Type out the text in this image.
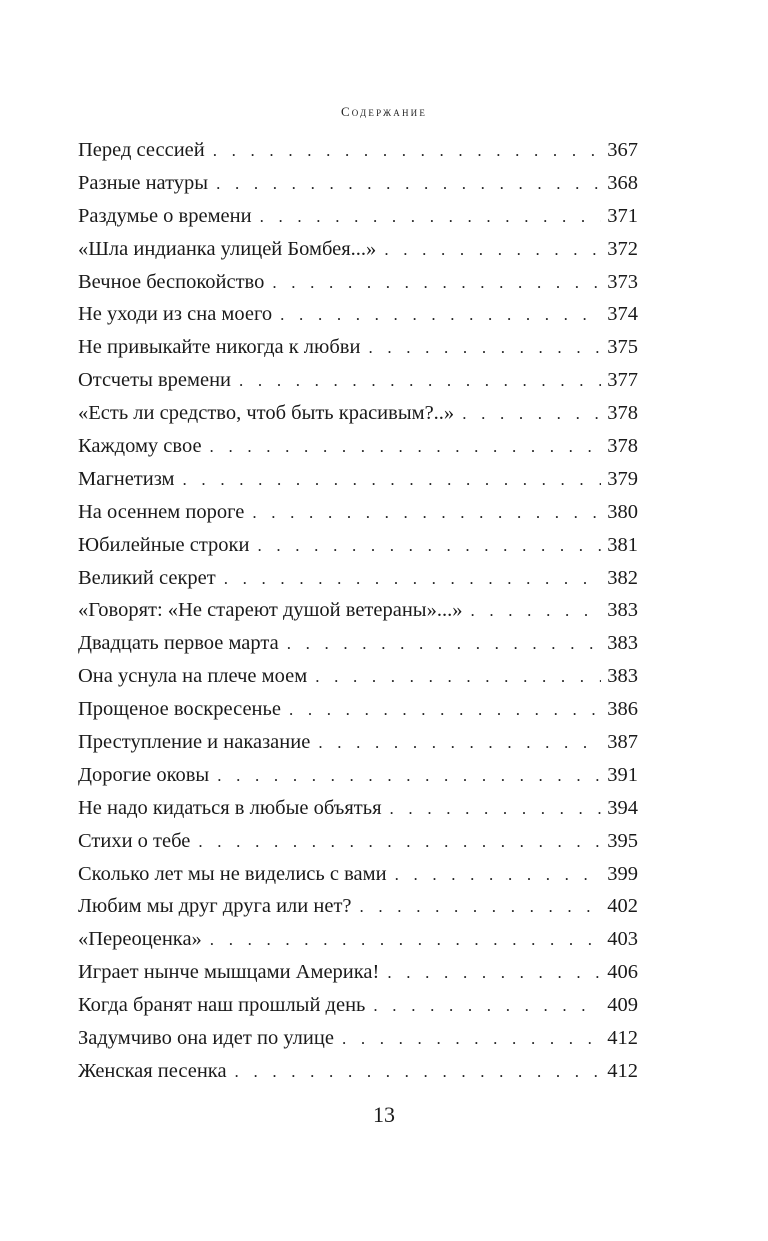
Содержание
Перед сессией . . .	367
Разные натуры . . .	368
Раздумье о времени . . .	371
«Шла индианка улицей Бомбея...» . . .	372
Вечное беспокойство . . .	373
Не уходи из сна моего . . .	374
Не привыкайте никогда к любви . . .	375
Отсчеты времени . . .	377
«Есть ли средство, чтоб быть красивым?..» . . .	378
Каждому свое . . .	378
Магнетизм . . .	379
На осеннем пороге . . .	380
Юбилейные строки . . .	381
Великий секрет . . .	382
«Говорят: «Не стареют душой ветераны»...» . . .	383
Двадцать первое марта . . .	383
Она уснула на плече моем . . .	383
Прощеное воскресенье . . .	386
Преступление и наказание . . .	387
Дорогие оковы . . .	391
Не надо кидаться в любые объятья . . .	394
Стихи о тебе . . .	395
Сколько лет мы не виделись с вами . . .	399
Любим мы друг друга или нет? . . .	402
«Переоценка» . . .	403
Играет нынче мышцами Америка! . . .	406
Когда бранят наш прошлый день . . .	409
Задумчиво она идет по улице . . .	412
Женская песенка . . .	412
13
